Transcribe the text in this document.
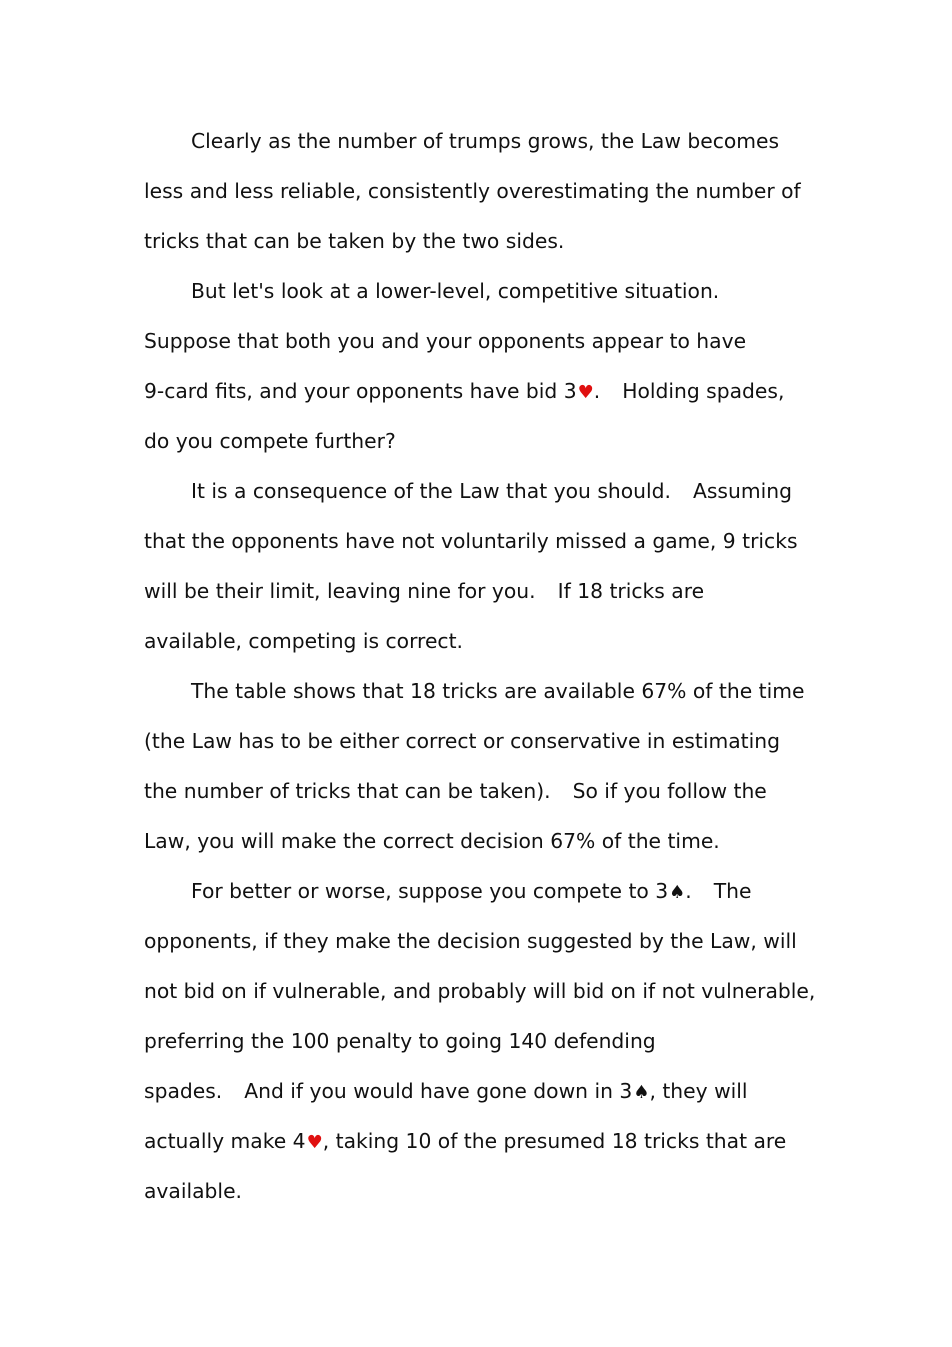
Clearly as the number of trumps grows, the Law becomes
less and less reliable, consistently overestimating the number of
tricks that can be taken by the two sides.
But let's look at a lower-level, competitive situation.
Suppose that both you and your opponents appear to have
9-card fits, and your opponents have bid 3♥. Holding spades,
do you compete further?
It is a consequence of the Law that you should. Assuming
that the opponents have not voluntarily missed a game, 9 tricks
will be their limit, leaving nine for you. If 18 tricks are
available, competing is correct.
The table shows that 18 tricks are available 67% of the time
(the Law has to be either correct or conservative in estimating
the number of tricks that can be taken). So if you follow the
Law, you will make the correct decision 67% of the time.
For better or worse, suppose you compete to 3♠. The
opponents, if they make the decision suggested by the Law, will
not bid on if vulnerable, and probably will bid on if not vulnerable,
preferring the 100 penalty to going 140 defending
spades. And if you would have gone down in 3♠, they will
actually make 4♥, taking 10 of the presumed 18 tricks that are
available.
